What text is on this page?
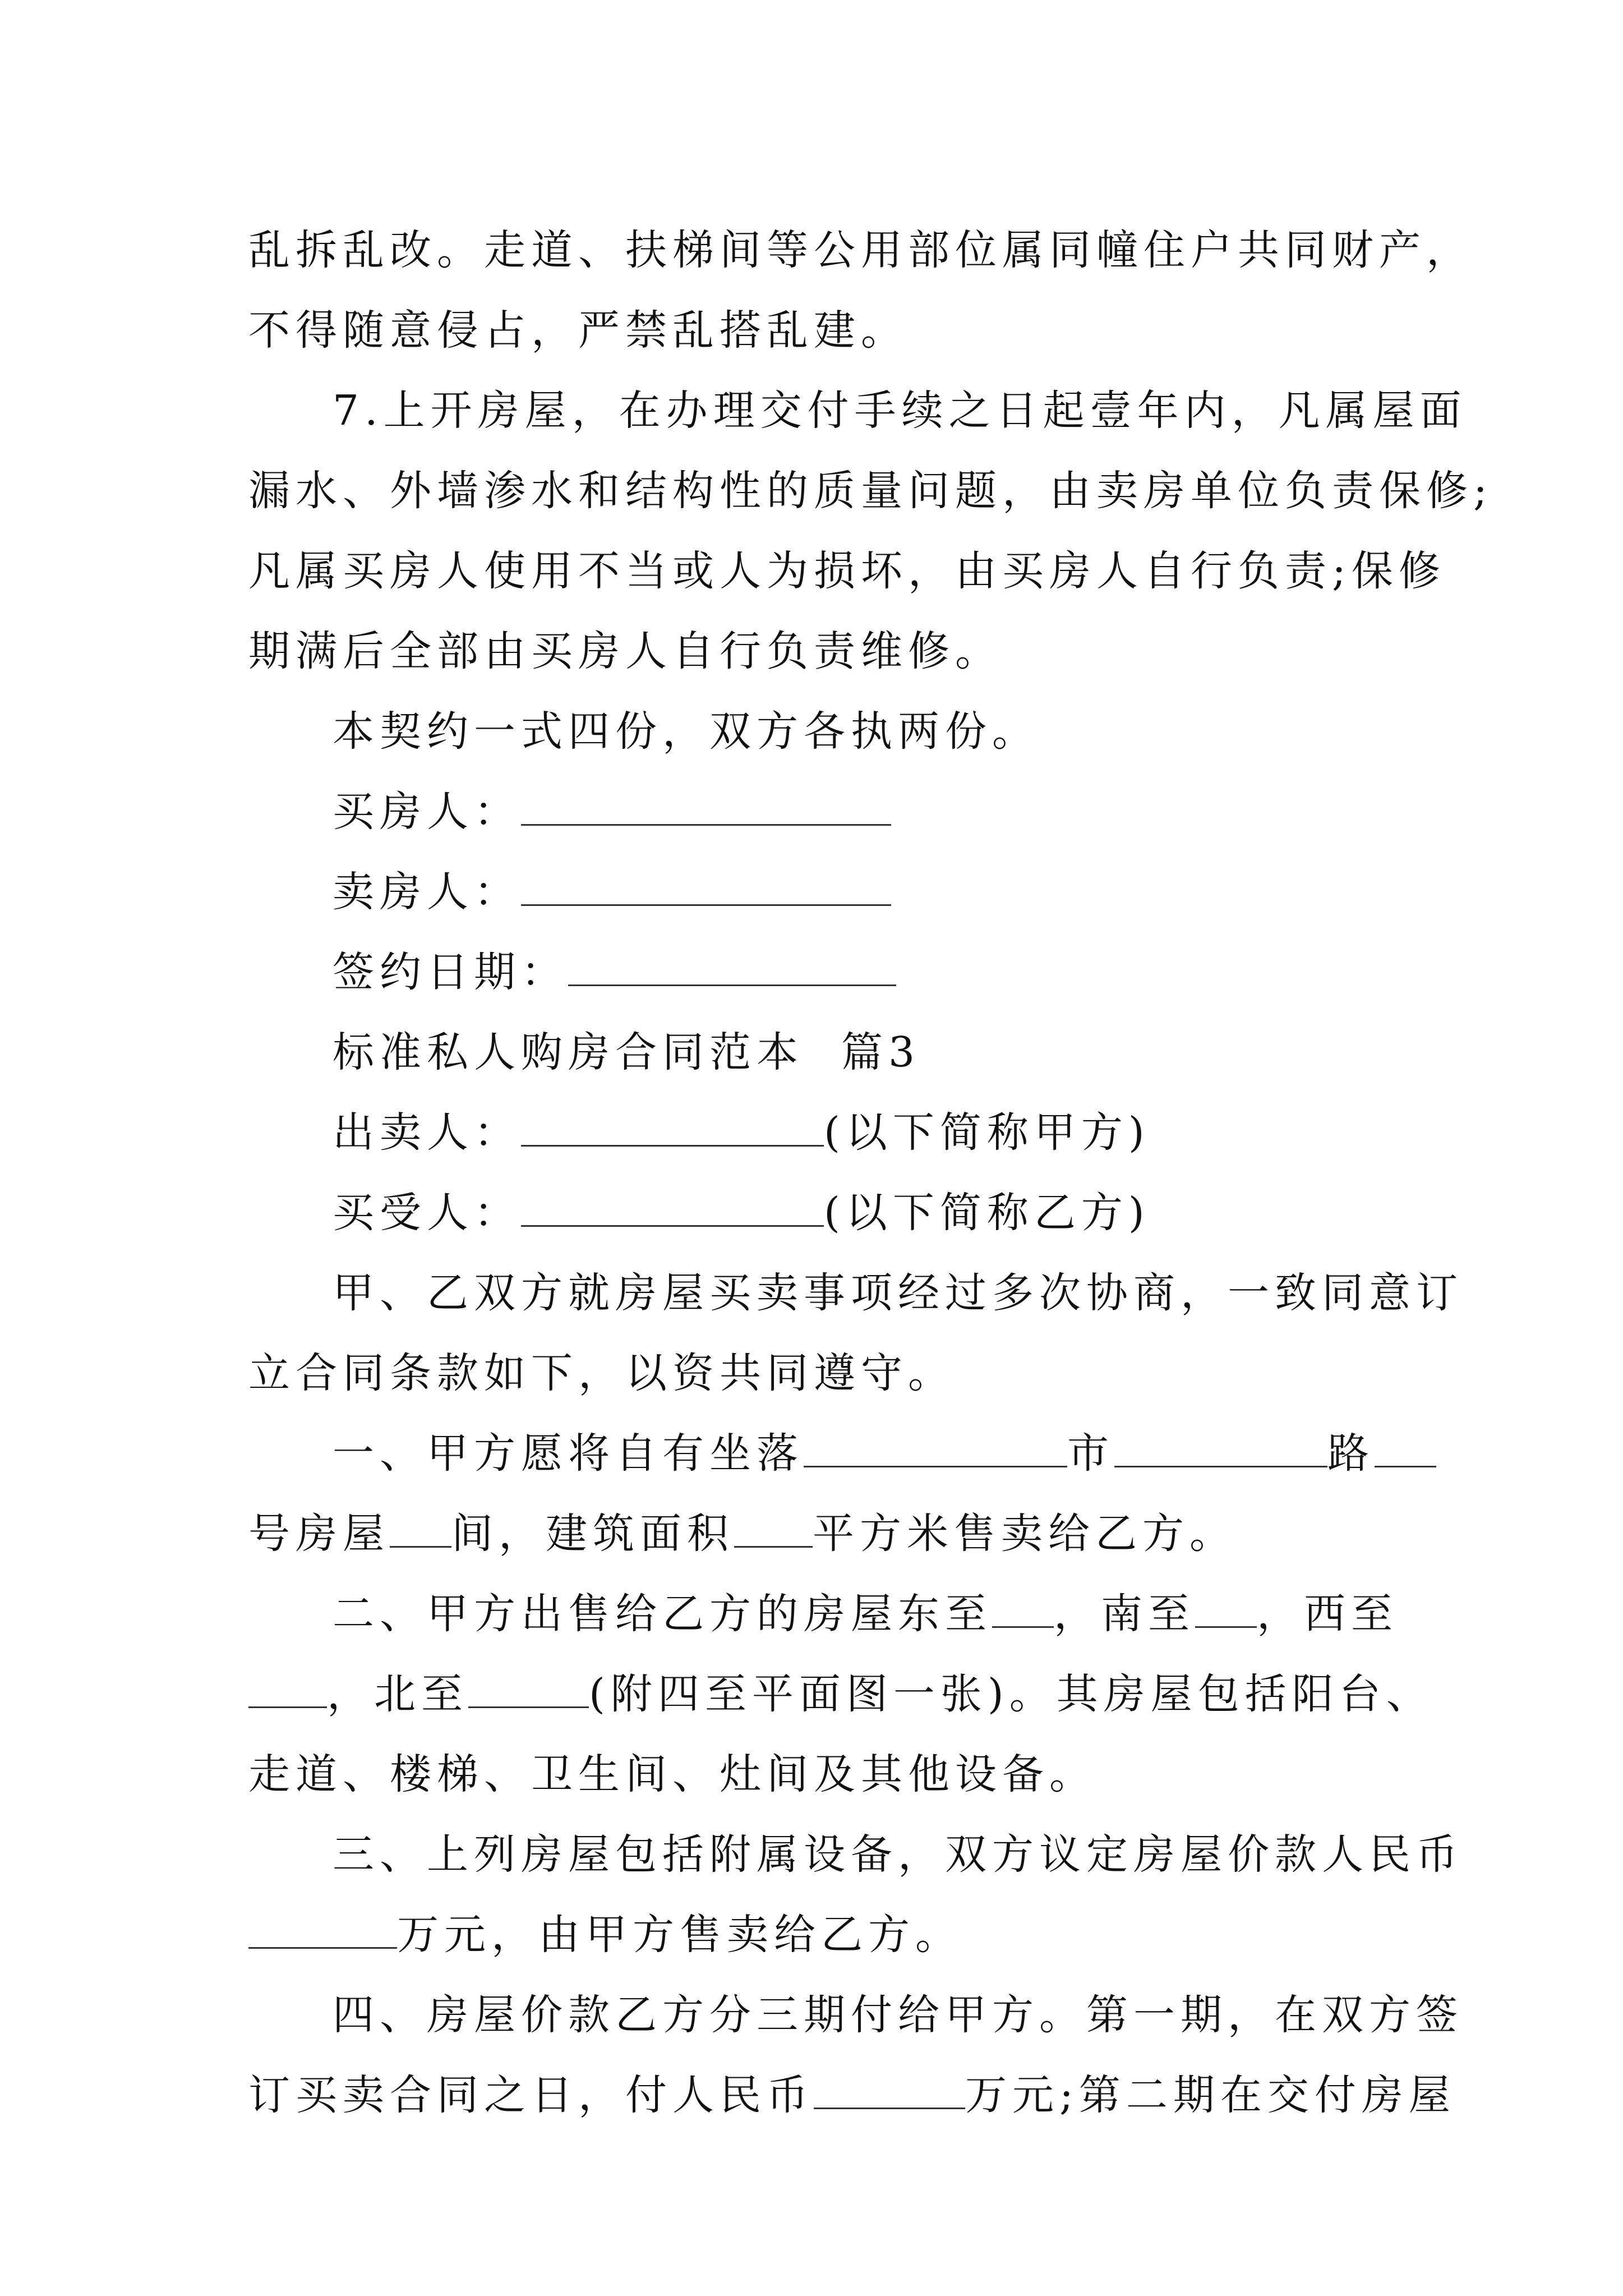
乱拆乱改。走道、扶梯间等公用部位属同幢住户共同财产，
不得随意侵占，严禁乱搭乱建。
7.上开房屋，在办理交付手续之日起壹年内，凡属屋面
漏水、外墙渗水和结构性的质量问题，由卖房单位负责保修;
凡属买房人使用不当或人为损坏，由买房人自行负责;保修
期满后全部由买房人自行负责维修。
本契约一式四份，双方各执两份。
买房人：
卖房人：
签约日期：
标准私人购房合同范本  篇3
出卖人：	(以下简称甲方)
买受人：	(以下简称乙方)
甲、乙双方就房屋买卖事项经过多次协商，一致同意订
立合同条款如下，以资共同遵守。
一、甲方愿将自有坐落	市	路
号房屋 间，建筑面积 平方米售卖给乙方。
二、甲方出售给乙方的房屋东至 ，南至 ，西至
，北至	(附四至平面图一张)。其房屋包括阳台、
走道、楼梯、卫生间、灶间及其他设备。
三、上列房屋包括附属设备，双方议定房屋价款人民币
万元，由甲方售卖给乙方。
四、房屋价款乙方分三期付给甲方。第一期，在双方签
订买卖合同之日，付人民币	万元;第二期在交付房屋
